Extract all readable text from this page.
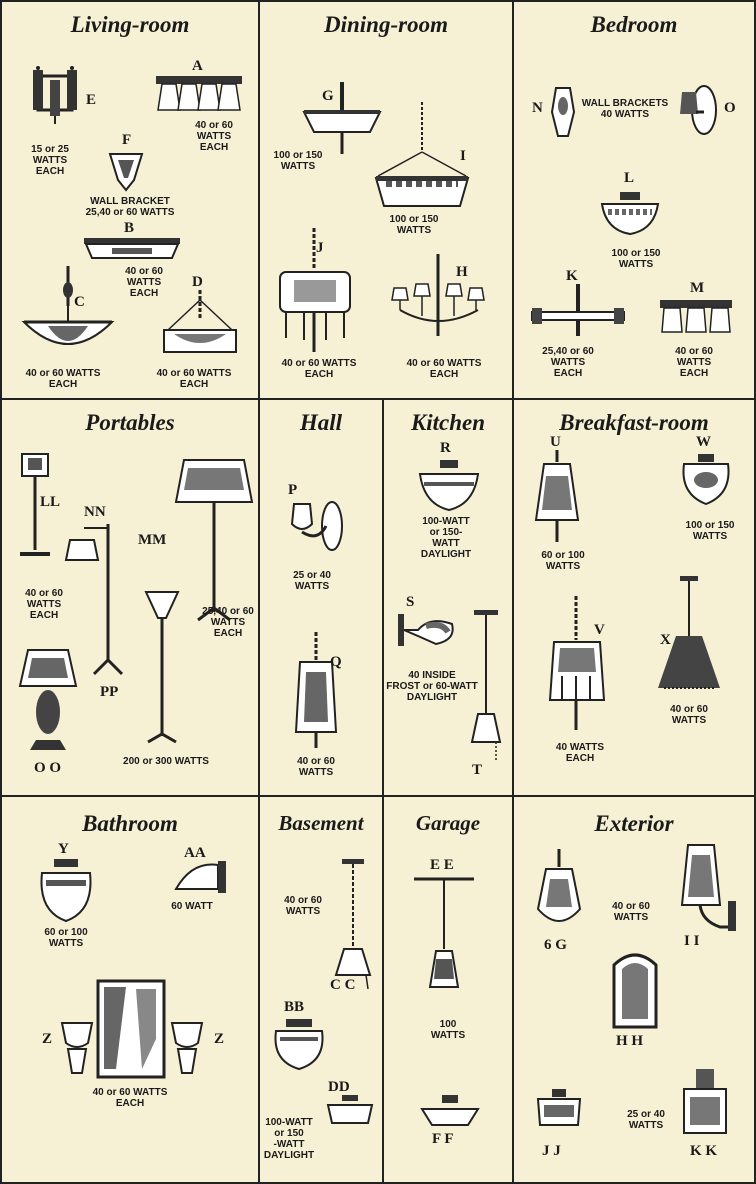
Living-room
E
15 or 25
WATTS
EACH
A
40 or 60
WATTS
EACH
F
WALL BRACKET
25,40 or 60 WATTS
B
40 or 60
WATTS
EACH
C
40 or 60 WATTS
EACH
D
40 or 60 WATTS
EACH
Dining-room
G
100 or 150
WATTS
I
100 or 150
WATTS
J
40 or 60 WATTS
EACH
H
40 or 60 WATTS
EACH
Bedroom
N	WALL BRACKETS
40 WATTS	O
L
100 or 150
WATTS
K
25,40 or 60
WATTS
EACH
M
40 or 60
WATTS
EACH
Portables
LL
40 or 60
WATTS
EACH
NN
MM
25,40 or 60
WATTS
EACH
O O
PP
200 or 300 WATTS
Hall
P
25 or 40
WATTS
Q
40 or 60
WATTS
Kitchen
R
100-WATT
or 150-
WATT
DAYLIGHT
S
40 INSIDE
FROST or 60-WATT
DAYLIGHT
T
Breakfast-room
U
60 or 100
WATTS
W
100 or 150
WATTS
V
40 WATTS
EACH
X
40 or 60
WATTS
Bathroom
Y
60 or 100
WATTS
AA
60 WATT
Z	Z
40 or 60 WATTS
EACH
Basement
40 or 60
WATTS
C C
BB
DD
100-WATT
or 150
-WATT
DAYLIGHT
Garage
E E
100
WATTS
F F
Exterior
6 G
40 or 60
WATTS
I I
H H
J J
25 or 40
WATTS
K K
